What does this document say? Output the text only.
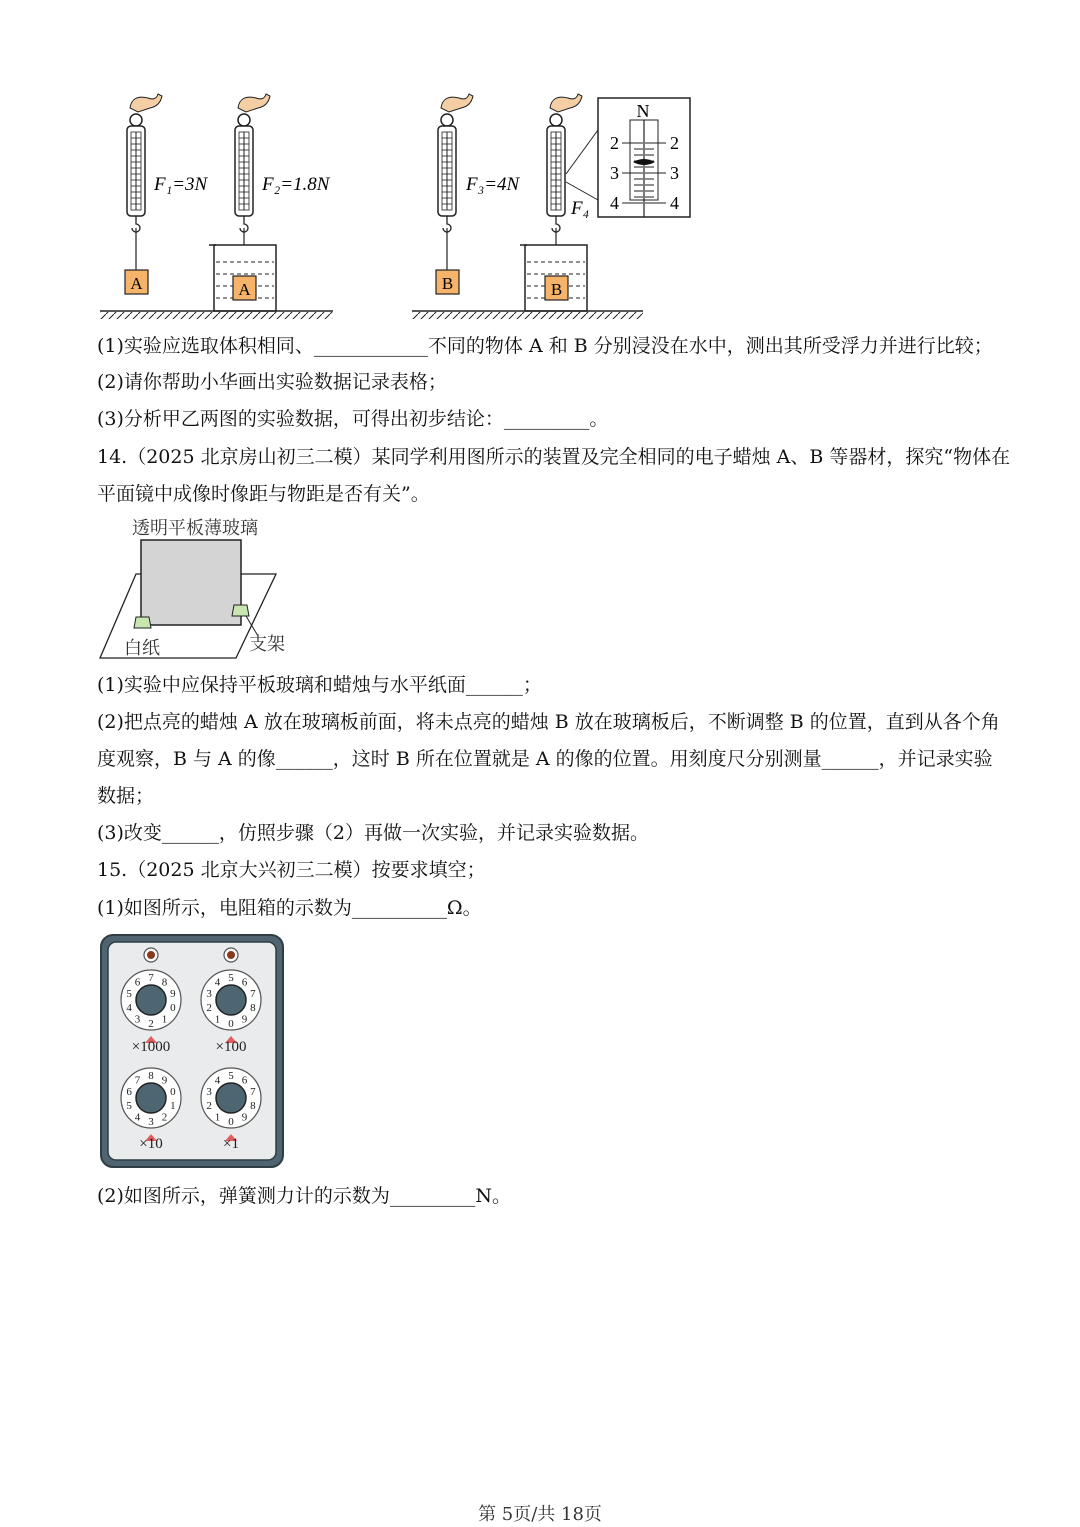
A
F₁=3N
A
F₂=1.8N
B
F₃=4N
B
F₄
N
2
3
4
2
3
4
(1)实验应选取体积相同、____________不同的物体 A 和 B 分别浸没在水中，测出其所受浮力并进行比较；
(2)请你帮助小华画出实验数据记录表格；
(3)分析甲乙两图的实验数据，可得出初步结论：_________。
14.（2025 北京房山初三二模）某同学利用图所示的装置及完全相同的电子蜡烛 A、B 等器材，探究“物体在
平面镜中成像时像距与物距是否有关”。
透明平板薄玻璃
支架
白纸
(1)实验中应保持平板玻璃和蜡烛与水平纸面______；
(2)把点亮的蜡烛 A 放在玻璃板前面，将未点亮的蜡烛 B 放在玻璃板后，不断调整 B 的位置，直到从各个角
度观察，B 与 A 的像______，这时 B 所在位置就是 A 的像的位置。用刻度尺分别测量______，并记录实验
数据；
(3)改变______，仿照步骤（2）再做一次实验，并记录实验数据。
15.（2025 北京大兴初三二模）按要求填空；
(1)如图所示，电阻箱的示数为__________Ω。
0
1
2
3
4
5
6 7 8
9
×1000
0
1
2
3
4 5 6
7
8
9
×100
0
1
2
3
4
5
6
7 8 9
×10
0
1
2
3
4 5 6
7
8
9
×1
(2)如图所示，弹簧测力计的示数为_________N。
第 5页/共 18页
